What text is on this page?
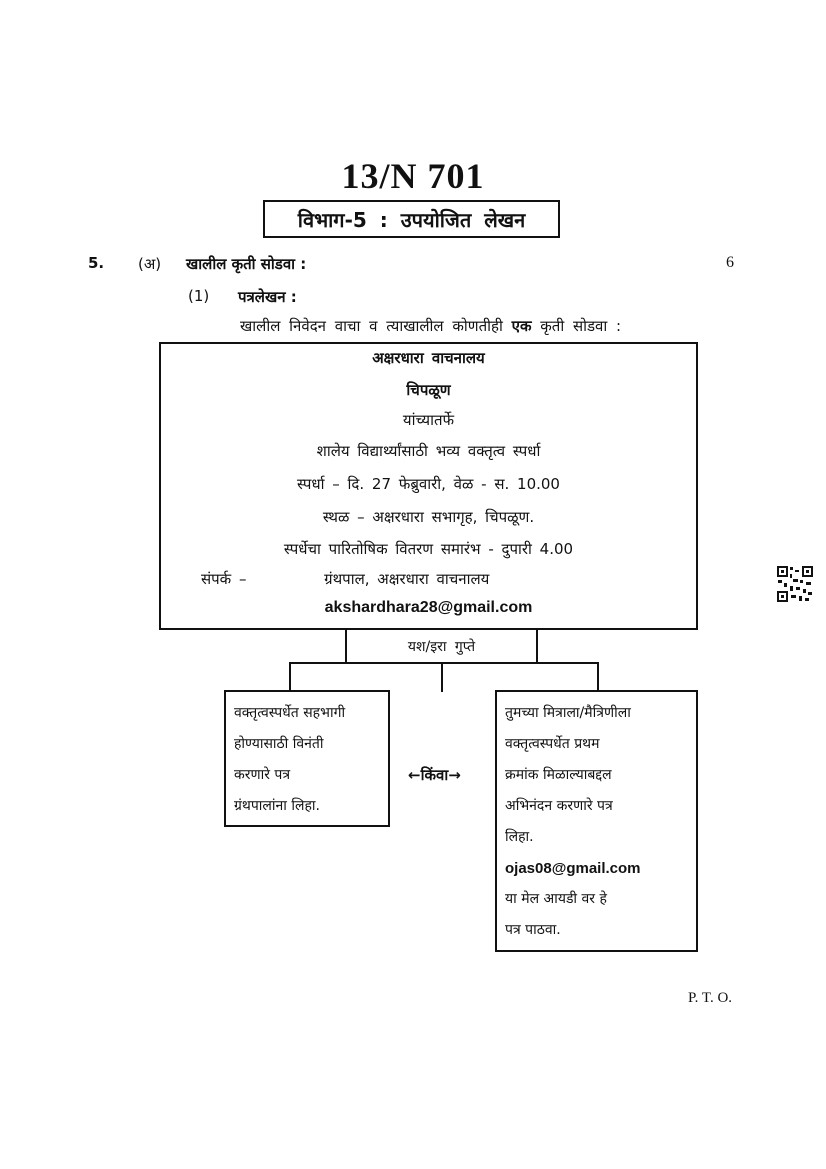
13/N 701
विभाग-5 : उपयोजित लेखन
5. (अ) खालील कृती सोडवा :	6
(1) पत्रलेखन :
खालील निवेदन वाचा व त्याखालील कोणतीही एक कृती सोडवा :
अक्षरधारा वाचनालय
चिपळूण
यांच्यातर्फे
शालेय विद्यार्थ्यांसाठी भव्य वक्तृत्व स्पर्धा
स्पर्धा – दि. 27 फेब्रुवारी, वेळ - स. 10.00
स्थळ – अक्षरधारा सभागृह, चिपळूण.
स्पर्धेचा पारितोषिक वितरण समारंभ - दुपारी 4.00
संपर्क –          ग्रंथपाल, अक्षरधारा वाचनालय
akshardhara28@gmail.com
यश/इरा गुप्ते
वक्तृत्वस्पर्धेत सहभागी
होण्यासाठी विनंती
करणारे पत्र
ग्रंथपालांना लिहा.
←किंवा→
तुमच्या मित्राला/मैत्रिणीला
वक्तृत्वस्पर्धेत प्रथम
क्रमांक मिळाल्याबद्दल
अभिनंदन करणारे पत्र
लिहा.
ojas08@gmail.com
या मेल आयडी वर हे
पत्र पाठवा.
P. T. O.
